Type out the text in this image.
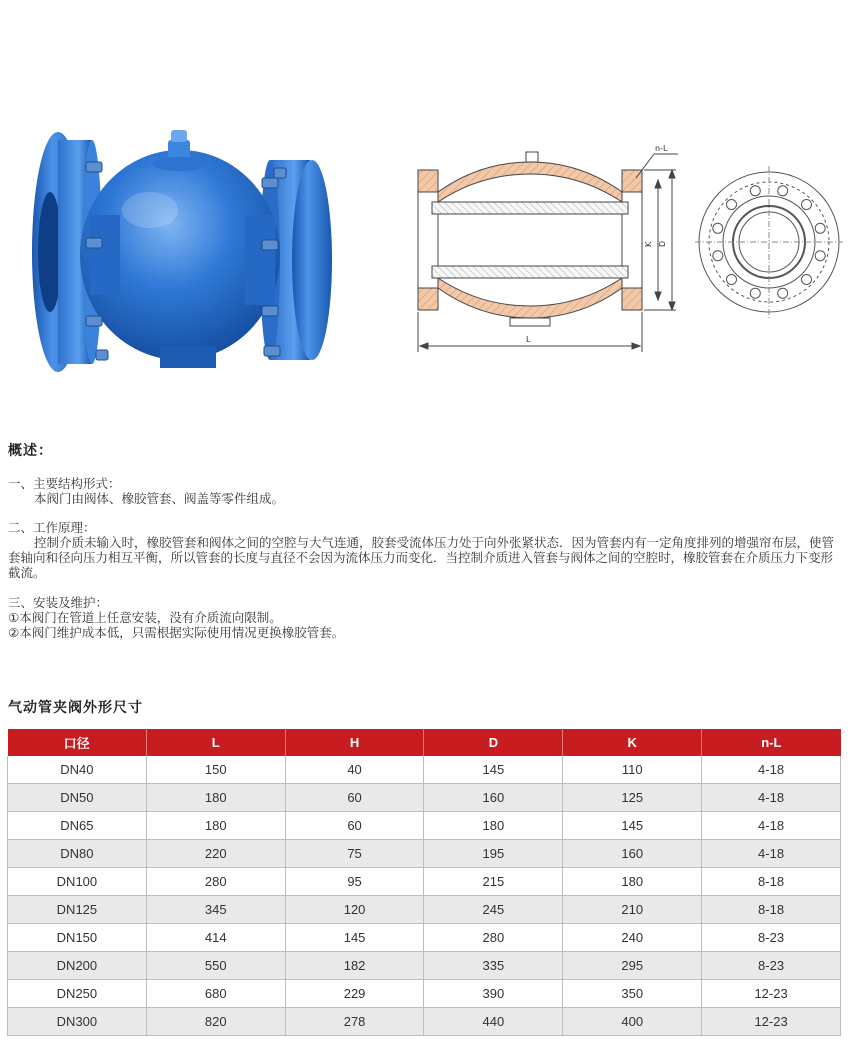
n-L
K D
L
概述：
一、主要结构形式：
本阀门由阀体、橡胶管套、阀盖等零件组成。
二、工作原理：
控制介质未输入时，橡胶管套和阀体之间的空腔与大气连通，胶套受流体压力处于向外张紧状态．因为管套内有一定角度排列的增强帘布层，使管套轴向和径向压力相互平衡，所以管套的长度与直径不会因为流体压力而变化．当控制介质进入管套与阀体之间的空腔时，橡胶管套在介质压力下变形截流。
三、安装及维护：
①本阀门在管道上任意安装，没有介质流向限制。
②本阀门维护成本低，只需根据实际使用情况更换橡胶管套。
气动管夹阀外形尺寸
口径	L	H	D	K	n-L
DN40	150	40	145	110	4-18
DN50	180	60	160	125	4-18
DN65	180	60	180	145	4-18
DN80	220	75	195	160	4-18
DN100	280	95	215	180	8-18
DN125	345	120	245	210	8-18
DN150	414	145	280	240	8-23
DN200	550	182	335	295	8-23
DN250	680	229	390	350	12-23
DN300	820	278	440	400	12-23
